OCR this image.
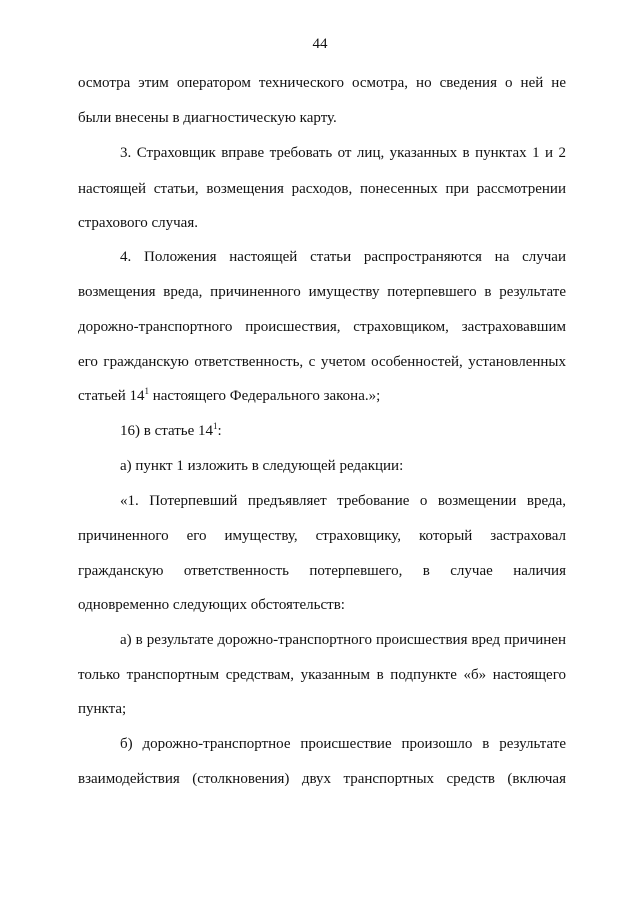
44
осмотра этим оператором технического осмотра, но сведения о ней не
были внесены в диагностическую карту.
3. Страховщик вправе требовать от лиц, указанных в пунктах 1 и 2
настоящей статьи, возмещения расходов, понесенных при рассмотрении
страхового случая.
4. Положения настоящей статьи распространяются на случаи
возмещения вреда, причиненного имуществу потерпевшего в результате
дорожно-транспортного происшествия, страховщиком, застраховавшим
его гражданскую ответственность, с учетом особенностей, установленных
статьей $14^1$ настоящего Федерального закона.»;
16) в статье $14^1$:
а) пункт 1 изложить в следующей редакции:
«1. Потерпевший предъявляет требование о возмещении вреда,
причиненного его имуществу, страховщику, который застраховал
гражданскую ответственность потерпевшего, в случае наличия
одновременно следующих обстоятельств:
а) в результате дорожно-транспортного происшествия вред причинен
только транспортным средствам, указанным в подпункте «б» настоящего
пункта;
б) дорожно-транспортное происшествие произошло в результате
взаимодействия (столкновения) двух транспортных средств (включая
